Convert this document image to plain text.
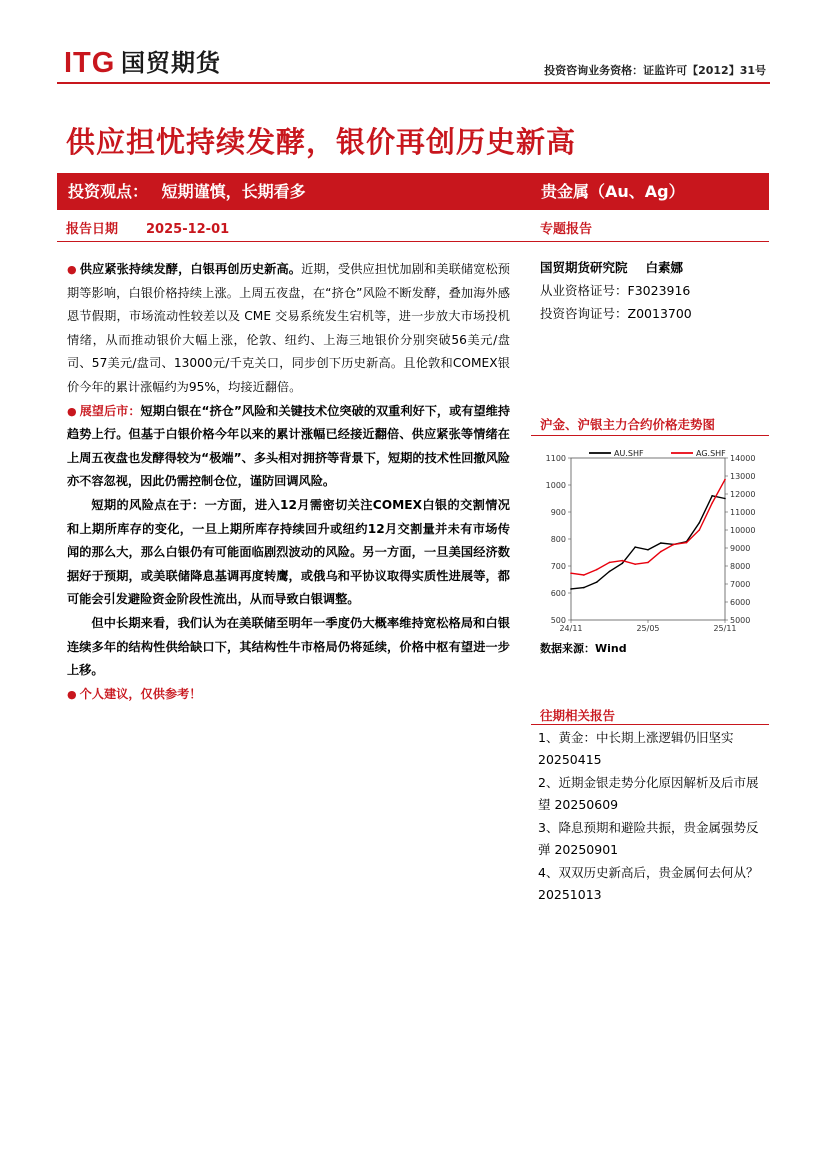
ITG 国贸期货	投资咨询业务资格：证监许可【2012】31号
供应担忧持续发酵，银价再创历史新高
投资观点：　 短期谨慎，长期看多	贵金属（Au、Ag）
报告日期 2025-12-01	专题报告

● 供应紧张持续发酵，白银再创历史新高。近期，受供应担忧加剧和美联储宽松预期等影响，白银价格持续上涨。上周五夜盘，在“挤仓”风险不断发酵，叠加海外感恩节假期，市场流动性较差以及 CME 交易系统发生宕机等，进一步放大市场投机情绪，从而推动银价大幅上涨，伦敦、纽约、上海三地银价分别突破56美元/盘司、57美元/盘司、13000元/千克关口，同步创下历史新高。且伦敦和COMEX银价今年的累计涨幅约为95%，均接近翻倍。

● 展望后市：短期白银在“挤仓”风险和关键技术位突破的双重利好下，或有望维持趋势上行。但基于白银价格今年以来的累计涨幅已经接近翻倍、供应紧张等情绪在上周五夜盘也发酵得较为“极端”、多头相对拥挤等背景下，短期的技术性回撤风险亦不容忽视，因此仍需控制仓位，谨防回调风险。

短期的风险点在于：一方面，进入12月需密切关注COMEX白银的交割情况和上期所库存的变化，一旦上期所库存持续回升或纽约12月交割量并未有市场传闻的那么大，那么白银仍有可能面临剧烈波动的风险。另一方面，一旦美国经济数据好于预期，或美联储降息基调再度转鹰，或俄乌和平协议取得实质性进展等，都可能会引发避险资金阶段性流出，从而导致白银调整。

但中长期来看，我们认为在美联储至明年一季度仍大概率维持宽松格局和白银连续多年的结构性供给缺口下，其结构性牛市格局仍将延续，价格中枢有望进一步上移。

● 个人建议，仅供参考！

国贸期货研究院 白素娜
从业资格证号：F3023916
投资咨询证号：Z0013700
沪金、沪银主力合约价格走势图
500
600
700
800
900
1000
1100
5000
6000
7000
8000
9000
10000
11000
12000
13000
14000
24/11	25/05	25/11
AU.SHF	AG.SHF
数据来源：Wind
往期相关报告
1、黄金：中长期上涨逻辑仍旧坚实20250415
2、近期金银走势分化原因解析及后市展望 20250609
3、降息预期和避险共振，贵金属强势反弹 20250901
4、双双历史新高后，贵金属何去何从？20251013
